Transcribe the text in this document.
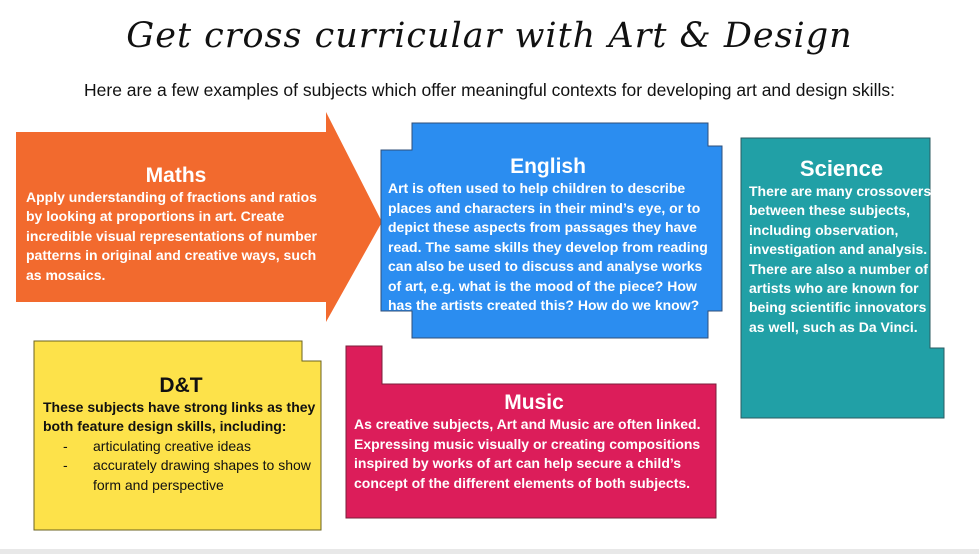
Get cross curricular with Art & Design
Here are a few examples of subjects which offer meaningful contexts for developing art and design skills:
Maths

Apply understanding of fractions and ratios by looking at proportions in art. Create incredible visual representations of number patterns in original and creative ways, such as mosaics.

English

Art is often used to help children to describe places and characters in their mind’s eye, or to depict these aspects from passages they have read. The same skills they develop from reading can also be used to discuss and analyse works of art, e.g. what is the mood of the piece? How has the artists created this? How do we know?

Science

There are many crossovers between these subjects, including observation, investigation and analysis. There are also a number of artists who are known for being scientific innovators as well, such as Da Vinci.

D&T

These subjects have strong links as they both feature design skills, including:

- articulating creative ideas
- accurately drawing shapes to show form and perspective
Music

As creative subjects, Art and Music are often linked. Expressing music visually or creating compositions inspired by works of art can help secure a child’s concept of the different elements of both subjects.
